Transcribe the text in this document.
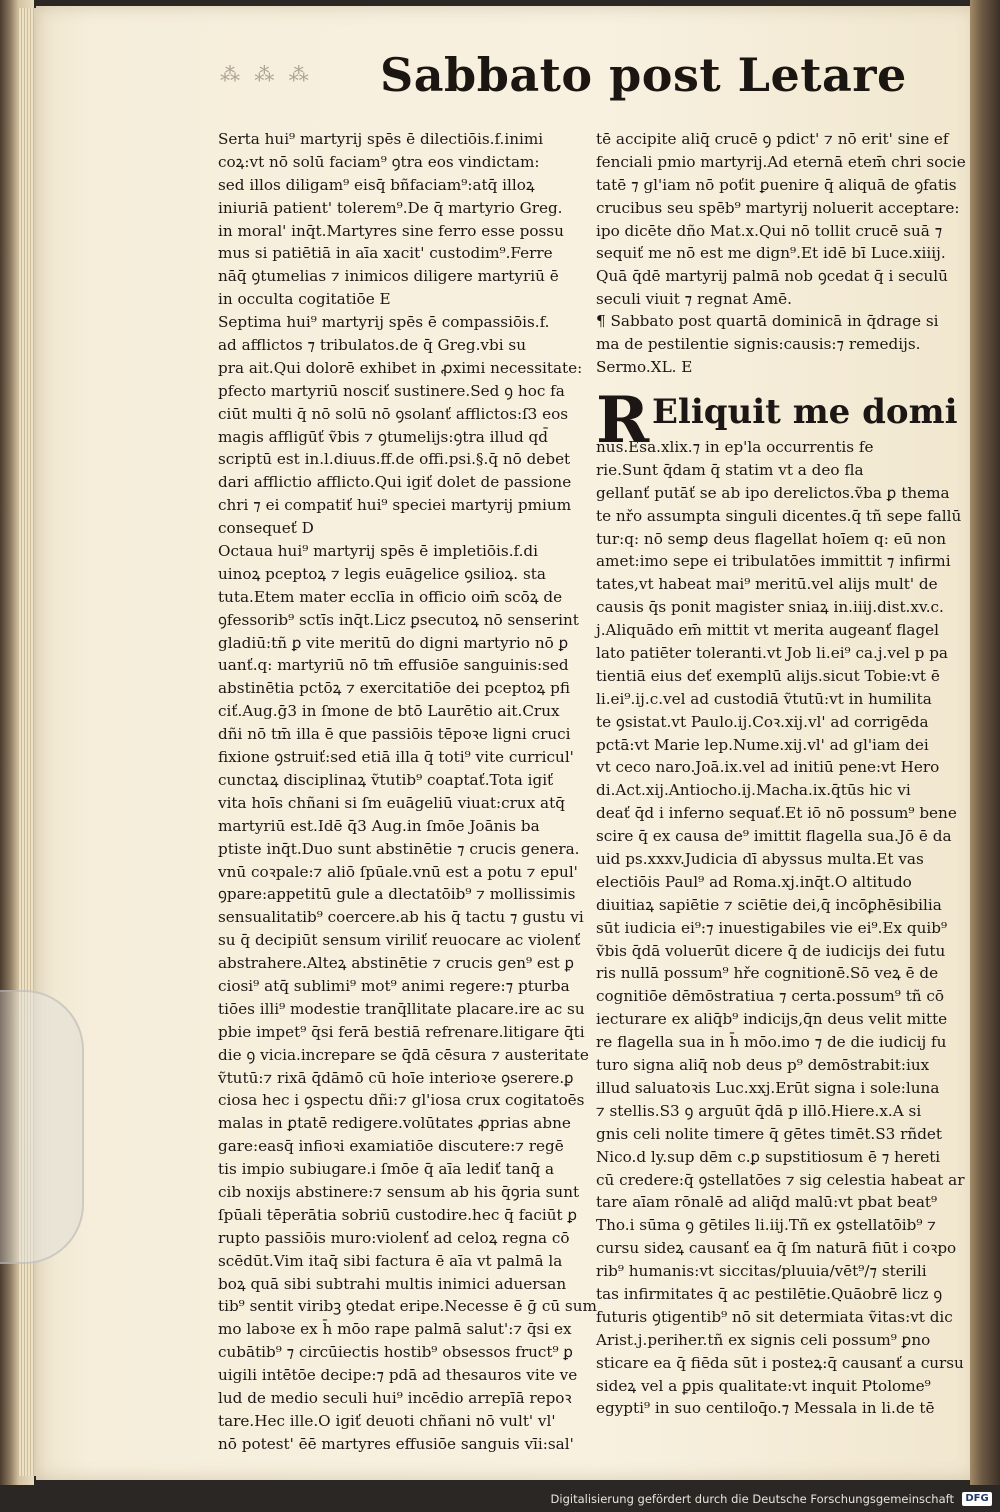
⁂ ⁂ ⁂	Sabbato post Letare
Serta hui⁹ martyrij spēs ē dilectiōis.f.inimi
coꝝ:vt nō solū faciam⁹ ꝯtra eos vindictam:
sed illos diligam⁹ eisq̄ bñfaciam⁹:atq̄ illoꝝ
iniuriā patient' tolerem⁹.De q̄ martyrio Greg.
in moral' inq̄t.Martyres sine ferro esse possu
mus si patiētiā in aīa xacit' custodim⁹.Ferre
nāq̄ ꝯtumelias ⁊ inimicos diligere martyriū ē
in occulta cogitatiōe E
Septima hui⁹ martyrij spēs ē compassiōis.f.
ad afflictos ⁊ tribulatos.de q̄ Greg.vbi su
pra ait.Qui dolorē exhibet in ꝓximi necessitate:
pfecto martyriū nosciť sustinere.Sed ꝯ hoc fa
ciūt multi q̄ nō solū nō ꝯsolanť afflictos:ſ3 eos
magis affligūť ṽbis ⁊ ꝯtumelijs:ꝯtra illud qd̄
scriptū est in.l.diuus.ff.de offi.psi.§.q̄ nō debet
dari afflictio afflicto.Qui igiť dolet de passione
chri ⁊ ei compatiť hui⁹ speciei martyrij pmium
consequeť D
Octaua hui⁹ martyrij spēs ē impletiōis.f.di
uinoꝝ pceptoꝝ ⁊ legis euāgelice ꝯsilioꝝ. sta
tuta.Etem mater ecclīa in officio oim̄ scōꝝ de
ꝯfessorib⁹ sctīs inq̄t.Licz ꝑsecutoꝝ nō senserint
gladiū:tñ ꝑ vite meritū do digni martyrio nō ꝑ
uanť.q: martyriū nō tm̄ effusiōe sanguinis:sed
abstinētia pctōꝝ ⁊ exercitatiōe dei pceptoꝝ pfi
ciť.Aug.ḡ3 in ſmone de btō Laurētio ait.Crux
dñi nō tm̄ illa ē que passiōis tēpoꝛe ligni cruci
fixione ꝯstruiť:sed etiā illa q̄ toti⁹ vite curricul'
cunctaꝝ disciplinaꝝ ṽtutib⁹ coaptať.Tota igiť
vita hoīs chñani si ſm euāgeliū viuat:crux atq̄
martyriū est.Idē q̄3 Aug.in ſmōe Joānis ba
ptiste inq̄t.Duo sunt abstinētie ⁊ crucis genera.
vnū coꝛpale:⁊ aliō ſpūale.vnū est a potu ⁊ epul'
ꝯpare:appetitū gule a dlectatōib⁹ ⁊ mollissimis
sensualitatib⁹ coercere.ab his q̄ tactu ⁊ gustu vi
su q̄ decipiūt sensum viriliť reuocare ac violenť
abstrahere.Alteꝝ abstinētie ⁊ crucis gen⁹ est ꝑ
ciosi⁹ atq̄ sublimi⁹ mot⁹ animi regere:⁊ pturba
tiōes illi⁹ modestie tranq̄llitate placare.ire ac su
pbie impet⁹ q̄si ferā bestiā refrenare.litigare q̄ti
die ꝯ vicia.increpare se q̄dā cēsura ⁊ austeritate
ṽtutū:⁊ rixā q̄dāmō cū hoīe interioꝛe ꝯserere.ꝑ
ciosa hec i ꝯspectu dñi:⁊ gl'iosa crux cogitatoēs
malas in ꝑtatē redigere.volūtates ꝓprias abne
gare:easq̄ infioꝛi examiatiōe discutere:⁊ regē
tis impio subiugare.i ſmōe q̄ aīa lediť tanq̄ a
cib noxijs abstinere:⁊ sensum ab his q̄ꝯria sunt
ſpūali tēperātia sobriū custodire.hec q̄ faciūt ꝑ
rupto passiōis muro:violenť ad celoꝝ regna cō
scēdūt.Vim itaq̄ sibi factura ē aīa vt palmā la
boꝝ quā sibi subtrahi multis inimici aduersan
tib⁹ sentit viribꝫ ꝯtedat eripe.Necesse ē ḡ cū sum
mo laboꝛe ex h̄ mōo rape palmā salut':⁊ q̄si ex
cubātib⁹ ⁊ circūiectis hostib⁹ obsessos fruct⁹ ꝑ
uigili intētōe decipe:⁊ pdā ad thesauros vite ve
lud de medio seculi hui⁹ incēdio arrepīā repoꝛ
tare.Hec ille.O igiť deuoti chñani nō vult' vl'
nō potest' ēē martyres effusiōe sanguis vīi:sal'
tē accipite aliq̄ crucē ꝯ pdict' ⁊ nō erit' sine ef
fenciali pmio martyrij.Ad eternā etem̄ chri socie
tatē ⁊ gl'iam nō poťit ꝑuenire q̄ aliquā de ꝯfatis
crucibus seu spēb⁹ martyrij noluerit acceptare:
ipo dicēte dño Mat.x.Qui nō tollit crucē suā ⁊
sequiť me nō est me dign⁹.Et idē bī Luce.xiiij.
Quā q̄dē martyrij palmā nob ꝯcedat q̄ i seculū
seculi viuit ⁊ regnat Amē.
¶ Sabbato post quartā dominicā in q̄drage si
ma de pestilentie signis:causis:⁊ remedijs.
Sermo.XL. E
R Eliquit me domi
nus.Esa.xlix.⁊ in ep'la occurrentis fe
rie.Sunt q̄dam q̄ statim vt a deo fla
gellanť putāť se ab ipo derelictos.ṽba ꝑ thema
te nřo assumpta singuli dicentes.q̄ tñ sepe fallū
tur:q: nō semꝑ deus flagellat hoīem q: eū non
amet:imo sepe ei tribulatōes immittit ⁊ infirmi
tates,vt habeat mai⁹ meritū.vel alijs mult' de
causis q̄s ponit magister sniaꝝ in.iiij.dist.xv.c.
j.Aliquādo em̄ mittit vt merita augeanť flagel
lato patiēter toleranti.vt Job li.ei⁹ ca.j.vel p pa
tientiā eius deť exemplū alijs.sicut Tobie:vt ē
li.ei⁹.ij.c.vel ad custodiā ṽtutū:vt in humilita
te ꝯsistat.vt Paulo.ij.Coꝛ.xij.vl' ad corrigēda
pctā:vt Marie lep.Nume.xij.vl' ad gl'iam dei
vt ceco naro.Joā.ix.vel ad initiū pene:vt Hero
di.Act.xij.Antiocho.ij.Macha.ix.q̄tūs hic vi
deať q̄d i inferno sequať.Et iō nō possum⁹ bene
scire q̄ ex causa de⁹ imittit flagella sua.Jō ē da
uid ps.xxxv.Judicia dī abyssus multa.Et vas
electiōis Paul⁹ ad Roma.xj.inq̄t.O altitudo
diuitiaꝝ sapiētie ⁊ sciētie dei,q̄ incōꝑhēsibilia
sūt iudicia ei⁹:⁊ inuestigabiles vie ei⁹.Ex quib⁹
ṽbis q̄dā voluerūt dicere q̄ de iudicijs dei futu
ris nullā possum⁹ hře cognitionē.Sō veꝝ ē de
cognitiōe dēmōstratiua ⁊ certa.possum⁹ tñ cō
iecturare ex aliq̄b⁹ indicijs,q̄n deus velit mitte
re flagella sua in h̄ mōo.imo ⁊ de die iudicij fu
turo signa aliq̄ nob deus p⁹ demōstrabit:iux
illud saluatoꝛis Luc.xxj.Erūt signa i sole:luna
⁊ stellis.S3 ꝯ arguūt q̄dā p illō.Hiere.x.A si
gnis celi nolite timere q̄ gētes timēt.S3 rñdet
Nico.d ly.sup dēm c.ꝑ supstitiosum ē ⁊ hereti
cū credere:q̄ ꝯstellatōes ⁊ sig celestia habeat ar
tare aīam rōnalē ad aliq̄d malū:vt pbat beat⁹
Tho.i sūma ꝯ gētiles li.iij.Tñ ex ꝯstellatōib⁹ ⁊
cursu sideꝝ causanť ea q̄ ſm naturā fiūt i coꝛpo
rib⁹ humanis:vt siccitas/pluuia/vēt⁹/⁊ sterili
tas infirmitates q̄ ac pestilētie.Quāobrē licz ꝯ
futuris ꝯtigentib⁹ nō sit determiata ṽitas:vt dic
Arist.j.periher.tñ ex signis celi possum⁹ ꝑno
sticare ea q̄ fiēda sūt i posteꝝ:q̄ causanť a cursu
sideꝝ vel a ꝑpis qualitate:vt inquit Ptolome⁹
egypti⁹ in suo centiloq̄o.⁊ Messala in li.de tē
Digitalisierung gefördert durch die Deutsche Forschungsgemeinschaft	DFG
